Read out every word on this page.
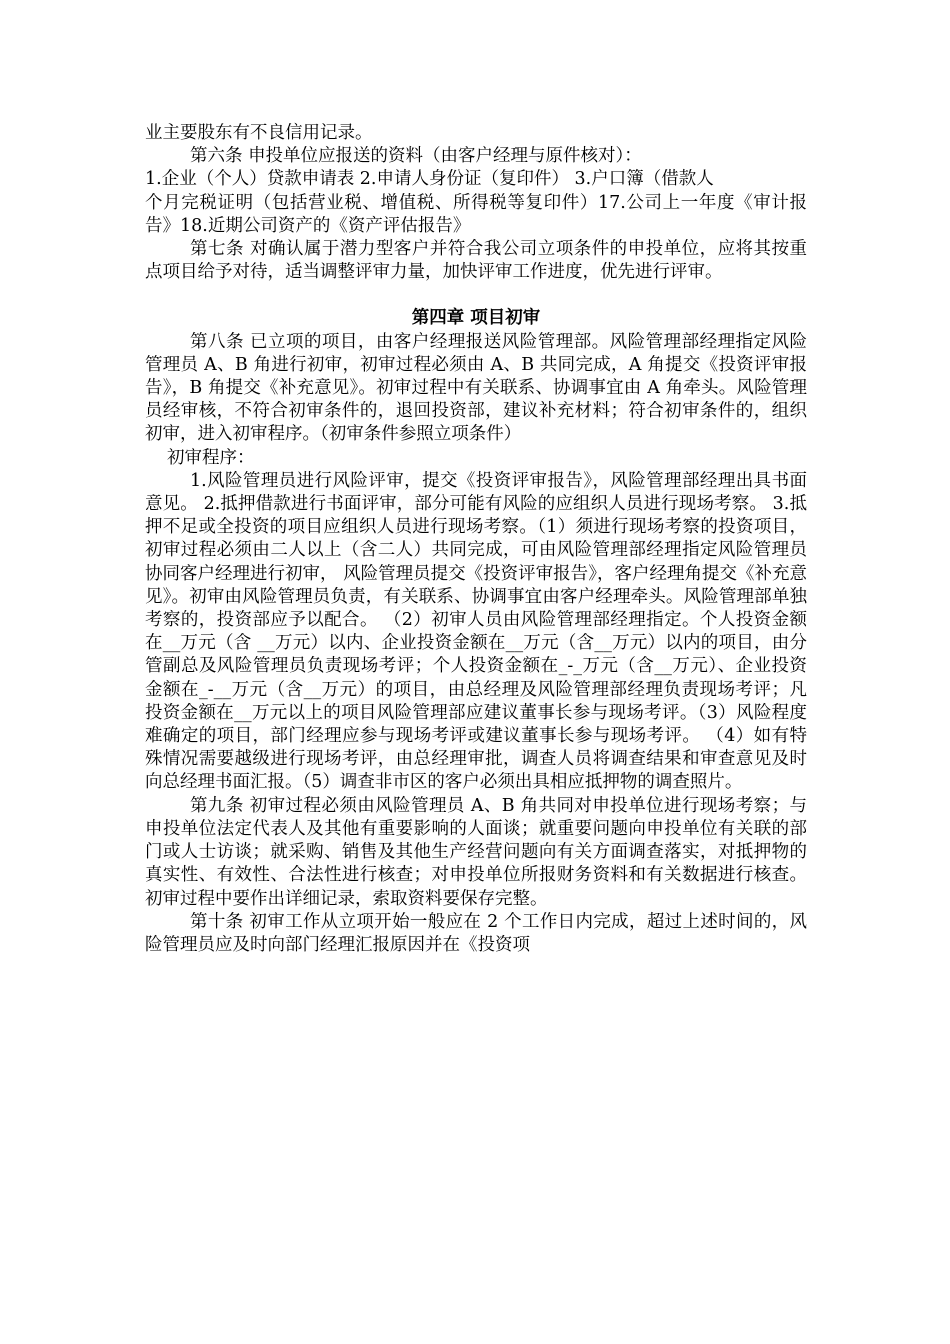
业主要股东有不良信用记录。

第六条 申投单位应报送的资料（由客户经理与原件核对）：

1.企业（个人）贷款申请表 2.申请人身份证（复印件） 3.户口簿（借款人

个月完税证明（包括营业税、增值税、所得税等复印件）17.公司上一年度《审计报告》18.近期公司资产的《资产评估报告》

第七条 对确认属于潜力型客户并符合我公司立项条件的申投单位，应将其按重点项目给予对待，适当调整评审力量，加快评审工作进度，优先进行评审。

第四章 项目初审

第八条 已立项的项目，由客户经理报送风险管理部。风险管理部经理指定风险管理员 A、B 角进行初审，初审过程必须由 A、B 共同完成，A 角提交《投资评审报告》，B 角提交《补充意见》。初审过程中有关联系、协调事宜由 A 角牵头。风险管理员经审核，不符合初审条件的，退回投资部，建议补充材料；符合初审条件的，组织初审，进入初审程序。（初审条件参照立项条件）

初审程序：

1.风险管理员进行风险评审，提交《投资评审报告》，风险管理部经理出具书面意见。 2.抵押借款进行书面评审，部分可能有风险的应组织人员进行现场考察。 3.抵押不足或全投资的项目应组织人员进行现场考察。（1）须进行现场考察的投资项目，初审过程必须由二人以上（含二人）共同完成，可由风险管理部经理指定风险管理员协同客户经理进行初审， 风险管理员提交《投资评审报告》，客户经理角提交《补充意见》。初审由风险管理员负责，有关联系、协调事宜由客户经理牵头。风险管理部单独考察的，投资部应予以配合。 （2）初审人员由风险管理部经理指定。个人投资金额在__万元（含 __万元）以内、企业投资金额在__万元（含__万元）以内的项目，由分管副总及风险管理员负责现场考评；个人投资金额在_-_万元（含__万元）、企业投资金额在_-__万元（含__万元）的项目，由总经理及风险管理部经理负责现场考评；凡投资金额在__万元以上的项目风险管理部应建议董事长参与现场考评。（3）风险程度难确定的项目，部门经理应参与现场考评或建议董事长参与现场考评。 （4）如有特殊情况需要越级进行现场考评，由总经理审批，调查人员将调查结果和审查意见及时向总经理书面汇报。（5）调查非市区的客户必须出具相应抵押物的调查照片。

第九条 初审过程必须由风险管理员 A、B 角共同对申投单位进行现场考察；与申投单位法定代表人及其他有重要影响的人面谈；就重要问题向申投单位有关联的部门或人士访谈；就采购、销售及其他生产经营问题向有关方面调查落实，对抵押物的真实性、有效性、合法性进行核查；对申投单位所报财务资料和有关数据进行核查。初审过程中要作出详细记录，索取资料要保存完整。

第十条 初审工作从立项开始一般应在 2 个工作日内完成，超过上述时间的，风险管理员应及时向部门经理汇报原因并在《投资项
